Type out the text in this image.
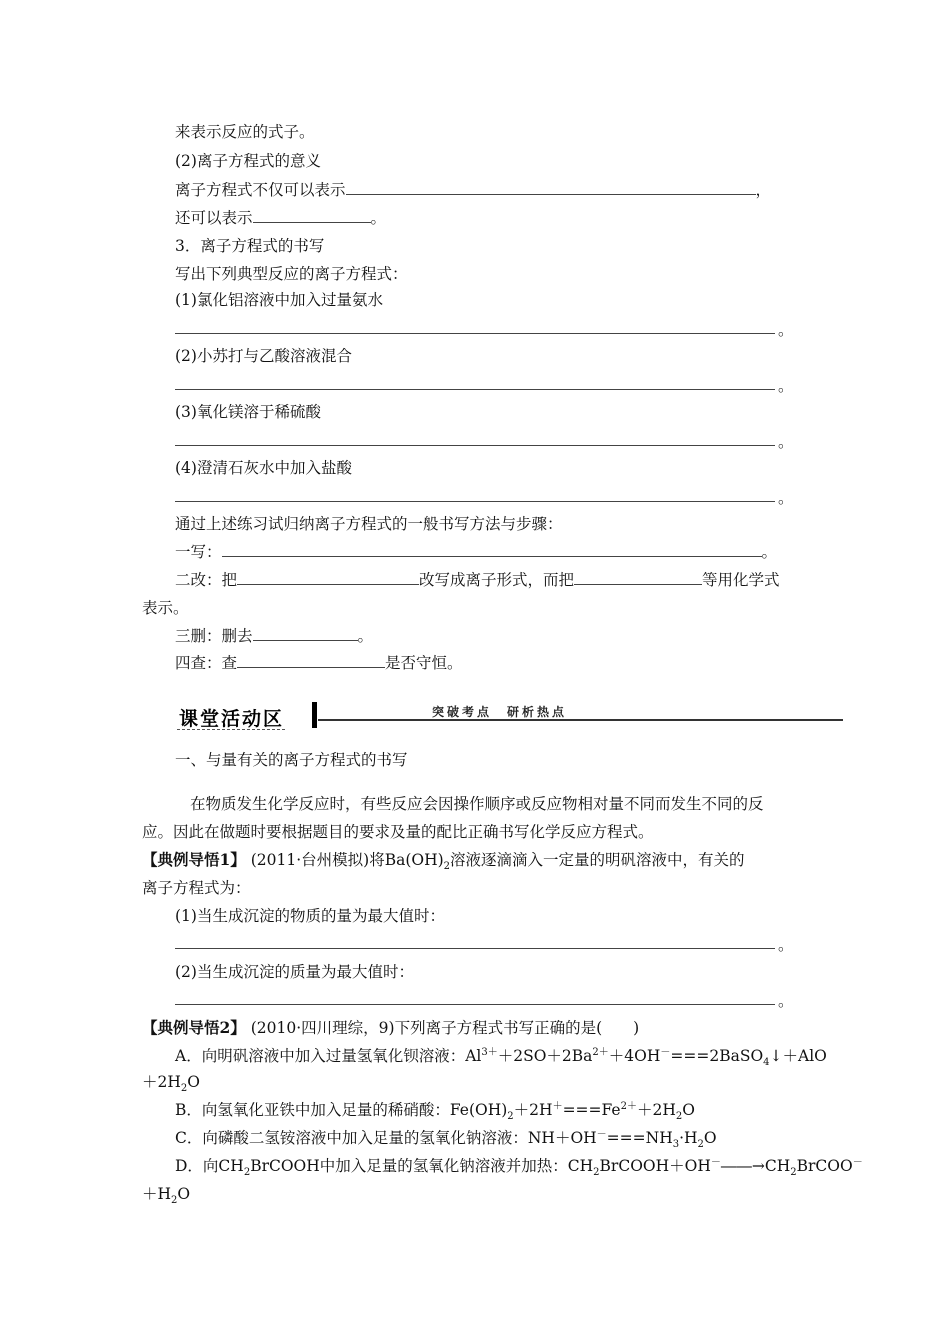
来表示反应的式子。
(2)离子方程式的意义
离子方程式不仅可以表示	，
还可以表示	。
3．离子方程式的书写
写出下列典型反应的离子方程式：
(1)氯化铝溶液中加入过量氨水
。
(2)小苏打与乙酸溶液混合
。
(3)氧化镁溶于稀硫酸
。
(4)澄清石灰水中加入盐酸
。
通过上述练习试归纳离子方程式的一般书写方法与步骤：
一写：	。
二改：把	改写成离子形式，而把	等用化学式
表示。
三删：删去	。
四查：查	是否守恒。
课堂活动区	突破考点　研析热点
一、与量有关的离子方程式的书写
在物质发生化学反应时，有些反应会因操作顺序或反应物相对量不同而发生不同的反
应。因此在做题时要根据题目的要求及量的配比正确书写化学反应方程式。
【典例导悟1】 (2011·台州模拟)将$Ba(OH)_2$溶液逐滴滴入一定量的明矾溶液中，有关的
离子方程式为：
(1)当生成沉淀的物质的量为最大值时：
。
(2)当生成沉淀的质量为最大值时：
。
【典例导悟2】 (2010·四川理综，9)下列离子方程式书写正确的是(　　)
A．向明矾溶液中加入过量氢氧化钡溶液：$Al^{3+}+2SO+2Ba^{2+}+4OH^-===2BaSO_4↓+AlO$
$+2H_2O$
B．向氢氧化亚铁中加入足量的稀硝酸：$Fe(OH)_2+2H^+===Fe^{2+}+2H_2O$
C．向磷酸二氢铵溶液中加入足量的氢氧化钠溶液：$NH+OH^-===NH_3\cdot H_2O$
D．向$CH_2BrCOOH$中加入足量的氢氧化钠溶液并加热：$CH_2BrCOOH+OH^-――\to CH_2BrCOO^-$
$+H_2O$
